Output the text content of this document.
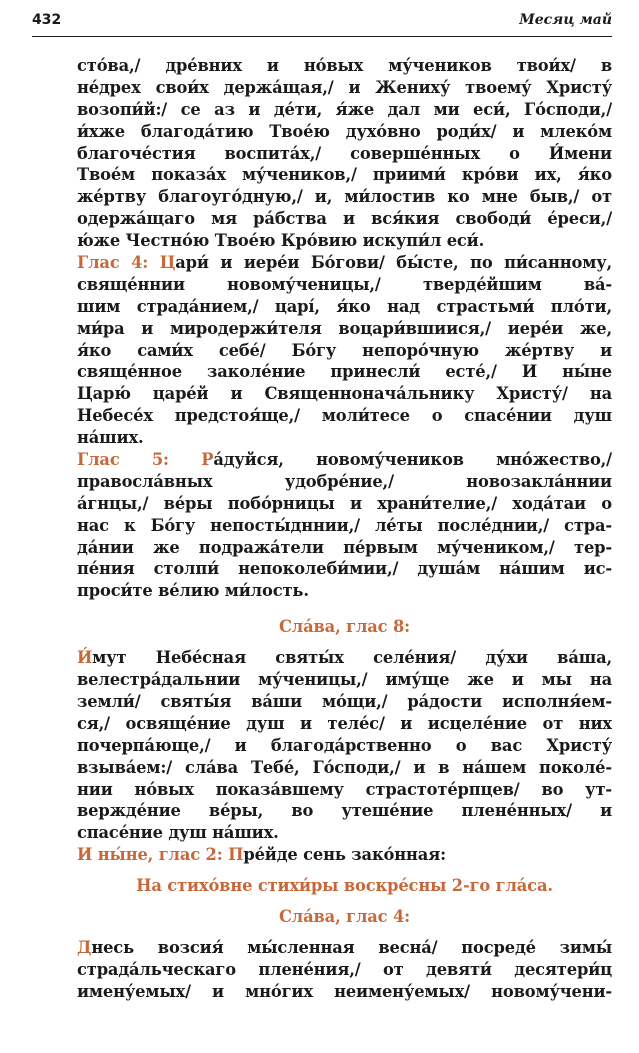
432	Месяц май
сто́ва,/ дре́вних и но́вых му́чеников твои́х/ в
не́дрех свои́х держа́щая,/ и Жениху́ твоему́ Христу́
возопи́й:/ се аз и де́ти, я́же дал ми еси́, Го́споди,/
и́хже благода́тию Твое́ю духо́вно роди́х/ и млеко́м
благоче́стия воспита́х,/ соверше́нных о И́мени
Твое́м показа́х му́чеников,/ приими́ кро́ви их, я́ко
же́ртву благоуго́дную,/ и, ми́лостив ко мне быв,/ от
одержа́щаго мя ра́бства и вся́кия свободи́ е́реси,/
ю́же Честно́ю Твое́ю Кро́вию искупи́л еси́.
Глас 4: Цари́ и иере́и Бо́гови/ бы́сте, по пи́санному,
свяще́ннии новому́ченицы,/ тверде́йшим ва́-
шим страда́нием,/ царі́, я́ко над страстьми́ пло́ти,
ми́ра и миродержи́теля воцари́вшиися,/ иере́и же,
я́ко сами́х себе́/ Бо́гу непоро́чную же́ртву и
свяще́нное заколе́ние принесли́ есте́,/ И ны́не
Царю́ царе́й и Священнонача́льнику Христу́/ на
Небесе́х предстоя́ще,/ моли́тесе о спасе́нии душ
на́ших.
Глас 5: Ра́дуйся, новому́чеников мно́жество,/
правосла́вных удобре́ние,/ новозакла́ннии
а́гнцы,/ ве́ры побо́рницы и храни́телие,/ хода́таи о
нас к Бо́гу непосты́дннии,/ ле́ты после́днии,/ стра-
да́нии же подража́тели пе́рвым му́чеником,/ тер-
пе́ния столпи́ непоколеби́мии,/ душа́м на́шим ис-
проси́те ве́лию ми́лость.
Сла́ва, глас 8:
И́мут Небе́сная святы́х селе́ния/ ду́хи ва́ша,
велестра́дальнии му́ченицы,/ иму́ще же и мы на
земли́/ святы́я ва́ши мо́щи,/ ра́дости исполня́ем-
ся,/ освяще́ние душ и теле́с/ и исцеле́ние от них
почерпа́юще,/ и благода́рственно о вас Христу́
взыва́ем:/ сла́ва Тебе́, Го́споди,/ и в на́шем поколе́-
нии но́вых показа́вшему страстоте́рпцев/ во ут-
вержде́ние ве́ры, во утеше́ние плене́нных/ и
спасе́ние душ на́ших.
И ны́не, глас 2: Пре́йде сень зако́нная:
На стихо́вне стихи́ры воскре́сны 2-го гла́са.
Сла́ва, глас 4:
Днесь возсия́ мы́сленная весна́/ посреде́ зимы́
страда́льческаго плене́ния,/ от девяти́ десятери́ц
имену́емых/ и мно́гих неимену́емых/ новому́чени-
